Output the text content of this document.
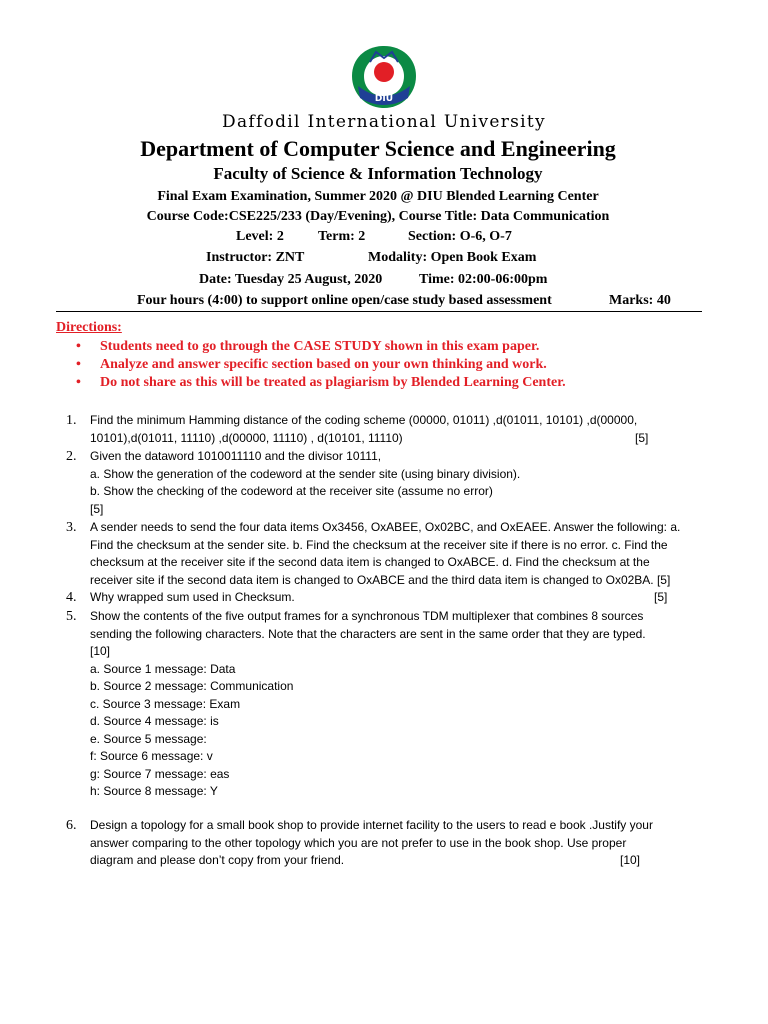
DIU
Daffodil International University
Department of Computer Science and Engineering
Faculty of Science & Information Technology
Final Exam Examination, Summer 2020 @ DIU Blended Learning Center
Course Code:CSE225/233 (Day/Evening), Course Title: Data Communication
Level: 2 Term: 2	Section: O-6, O-7
Instructor: ZNT	Modality: Open Book Exam
Date: Tuesday 25 August, 2020	Time: 02:00-06:00pm
Four hours (4:00) to support online open/case study based assessment	Marks: 40
Directions:
• Students need to go through the CASE STUDY shown in this exam paper.
• Analyze and answer specific section based on your own thinking and work.
• Do not share as this will be treated as plagiarism by Blended Learning Center.
1. Find the minimum Hamming distance of the coding scheme (00000, 01011) ,d(01011, 10101) ,d(00000,
10101),d(01011, 11110) ,d(00000, 11110) , d(10101, 11110)	[5]
2. Given the dataword 1010011110 and the divisor 10111,
a. Show the generation of the codeword at the sender site (using binary division).
b. Show the checking of the codeword at the receiver site (assume no error)
[5]
3. A sender needs to send the four data items Ox3456, OxABEE, Ox02BC, and OxEAEE. Answer the following: a.
Find the checksum at the sender site. b. Find the checksum at the receiver site if there is no error. c. Find the
checksum at the receiver site if the second data item is changed to OxABCE. d. Find the checksum at the
receiver site if the second data item is changed to OxABCE and the third data item is changed to Ox02BA. [5]
4. Why wrapped sum used in Checksum.	[5]
5. Show the contents of the five output frames for a synchronous TDM multiplexer that combines 8 sources
sending the following characters. Note that the characters are sent in the same order that they are typed.
[10]
a. Source 1 message: Data
b. Source 2 message: Communication
c. Source 3 message: Exam
d. Source 4 message: is
e. Source 5 message:
f: Source 6 message: v
g: Source 7 message: eas
h: Source 8 message: Y
6. Design a topology for a small book shop to provide internet facility to the users to read e book .Justify your
answer comparing to the other topology which you are not prefer to use in the book shop. Use proper
diagram and please don’t copy from your friend.	[10]
